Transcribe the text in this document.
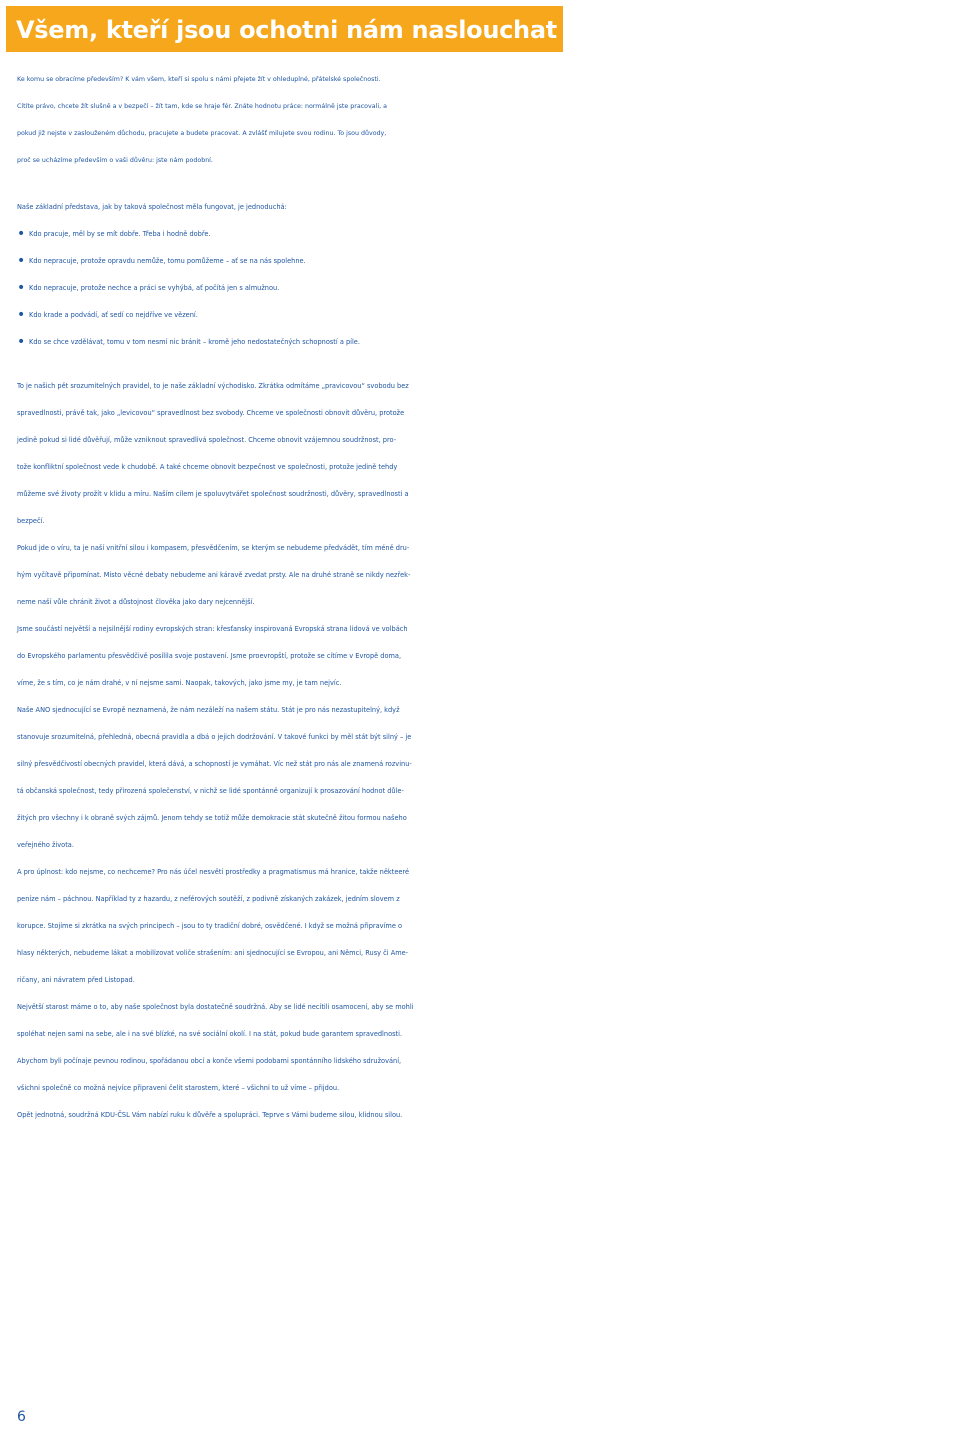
Všem, kteří jsou ochotni nám naslouchat

Ke komu se obracíme především? K vám všem, kteří si spolu s námi přejete žít v ohleduplné, přátelské společnosti.

Cítíte právo, chcete žít slušně a v bezpečí – žít tam, kde se hraje fér. Znáte hodnotu práce: normálně jste pracovali, a

pokud již nejste v zaslouženém důchodu, pracujete a budete pracovat. A zvlášť milujete svou rodinu. To jsou důvody,

proč se ucházíme především o vaši důvěru: jste nám podobní.

Naše základní představa, jak by taková společnost měla fungovat, je jednoduchá:

• Kdo pracuje, měl by se mít dobře. Třeba i hodně dobře.
• Kdo nepracuje, protože opravdu nemůže, tomu pomůžeme – ať se na nás spolehne.
• Kdo nepracuje, protože nechce a práci se vyhýbá, ať počítá jen s almužnou.
• Kdo krade a podvádí, ať sedí co nejdříve ve vězení.
• Kdo se chce vzdělávat, tomu v tom nesmí nic bránit – kromě jeho nedostatečných schopností a píle.

To je našich pět srozumitelných pravidel, to je naše základní východisko. Zkrátka odmítáme „pravicovou“ svobodu bez

spravedlnosti, právě tak, jako „levicovou“ spravedlnost bez svobody. Chceme ve společnosti obnovit důvěru, protože

jedině pokud si lidé důvěřují, může vzniknout spravedlivá společnost. Chceme obnovit vzájemnou soudržnost, pro-

tože konfliktní společnost vede k chudobě. A také chceme obnovit bezpečnost ve společnosti, protože jedině tehdy

můžeme své životy prožít v klidu a míru. Naším cílem je spoluvytvářet společnost soudržnosti, důvěry, spravedlnosti a

bezpečí.

Pokud jde o víru, ta je naší vnitřní silou i kompasem, přesvědčením, se kterým se nebudeme předvádět, tím méně dru-

hým vyčítavě připomínat. Místo věcné debaty nebudeme ani káravě zvedat prsty. Ale na druhé straně se nikdy nezřek-

neme naší vůle chránit život a důstojnost člověka jako dary nejcennější.

Jsme součástí největší a nejsilnější rodiny evropských stran: křesťansky inspirovaná Evropská strana lidová ve volbách

do Evropského parlamentu přesvědčivě posílila svoje postavení. Jsme proevropští, protože se cítíme v Evropě doma,

víme, že s tím, co je nám drahé, v ní nejsme sami. Naopak, takových, jako jsme my, je tam nejvíc.

Naše ANO sjednocující se Evropě neznamená, že nám nezáleží na našem státu. Stát je pro nás nezastupitelný, když

stanovuje srozumitelná, přehledná, obecná pravidla a dbá o jejich dodržování. V takové funkci by měl stát být silný – je

silný přesvědčivostí obecných pravidel, která dává, a schopností je vymáhat. Víc než stát pro nás ale znamená rozvinu-

tá občanská společnost, tedy přirozená společenství, v nichž se lidé spontánně organizují k prosazování hodnot důle-

žitých pro všechny i k obraně svých zájmů. Jenom tehdy se totiž může demokracie stát skutečně žitou formou našeho

veřejného života.

A pro úplnost: kdo nejsme, co nechceme? Pro nás účel nesvětí prostředky a pragmatismus má hranice, takže někteeré

peníze nám – páchnou. Například ty z hazardu, z neférových soutěží, z podivně získaných zakázek, jedním slovem z

korupce. Stojíme si zkrátka na svých principech – jsou to ty tradiční dobré, osvědčené. I když se možná připravíme o

hlasy některých, nebudeme lákat a mobilizovat voliče strašením: ani sjednocující se Evropou, ani Němci, Rusy či Ame-

ričany, ani návratem před Listopad.

Největší starost máme o to, aby naše společnost byla dostatečně soudržná. Aby se lidé necítili osamocení, aby se mohli

spoléhat nejen sami na sebe, ale i na své blízké, na své sociální okolí. I na stát, pokud bude garantem spravedlnosti.

Abychom byli počínaje pevnou rodinou, spořádanou obcí a konče všemi podobami spontánního lidského sdružování,

všichni společně co možná nejvíce připraveni čelit starostem, které – všichni to už víme – přijdou.

Opět jednotná, soudržná KDU-ČSL Vám nabízí ruku k důvěře a spolupráci. Teprve s Vámi budeme silou, klidnou silou.

6
